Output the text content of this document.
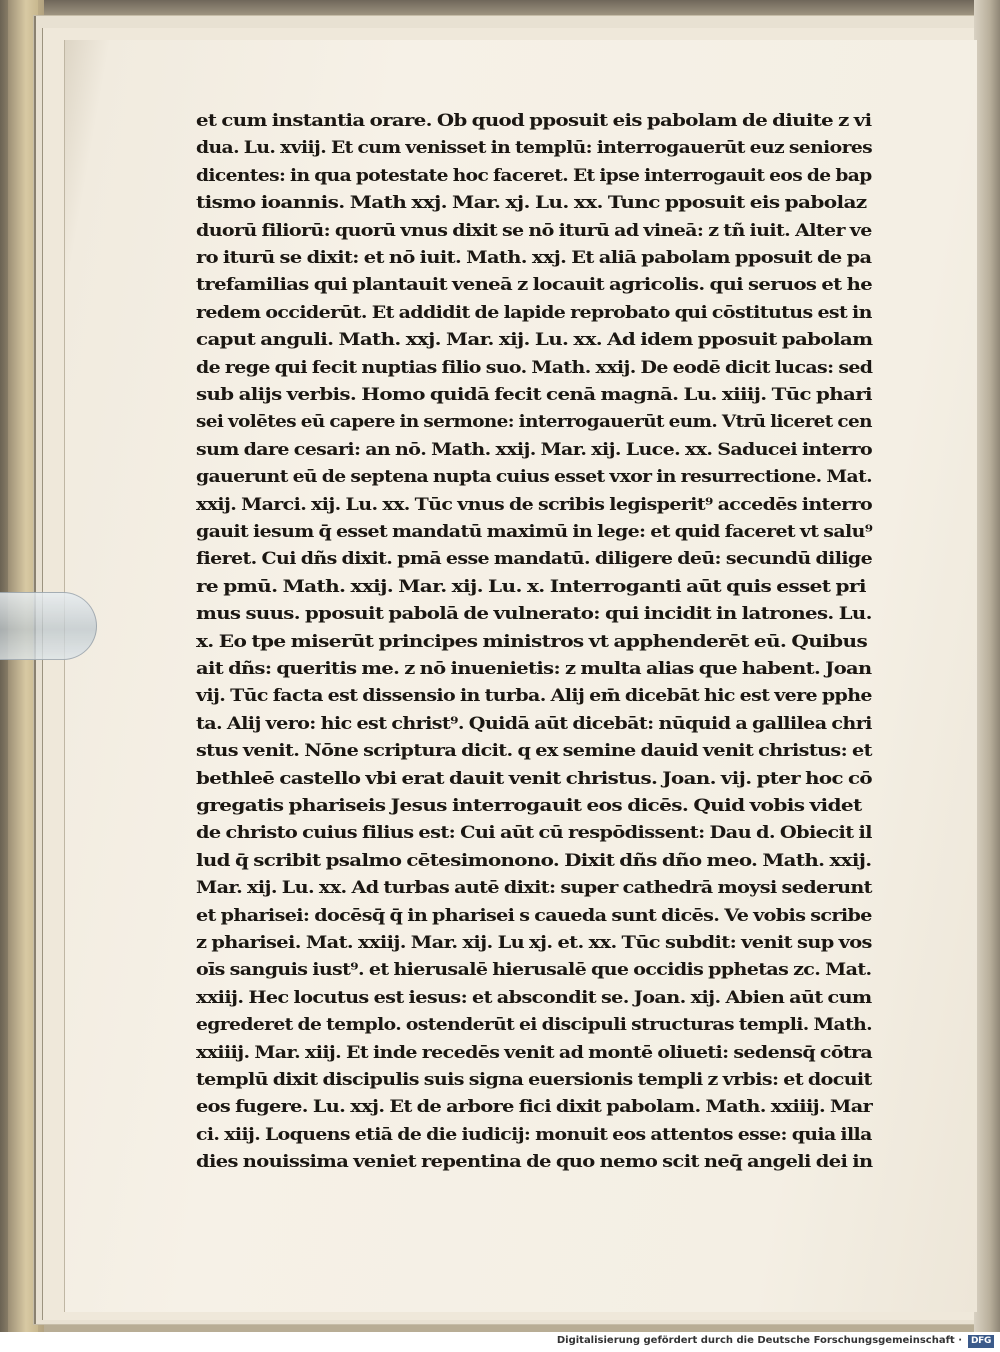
et cum instantia orare. Ob quod pposuit eis pabolam de diuite z vi
dua. Lu. xviij. Et cum venisset in templū: interrogauerūt euz seniores
dicentes: in qua potestate hoc faceret. Et ipse interrogauit eos de bap
tismo ioannis. Math xxj. Mar. xj. Lu. xx. Tunc pposuit eis pabolaz
duorū filiorū: quorū vnus dixit se nō iturū ad vineā: z tñ iuit. Alter ve
ro iturū se dixit: et nō iuit. Math. xxj. Et aliā pabolam pposuit de pa
trefamilias qui plantauit veneā z locauit agricolis. qui seruos et he
redem occiderūt. Et addidit de lapide reprobato qui cōstitutus est in
caput anguli. Math. xxj. Mar. xij. Lu. xx. Ad idem pposuit pabolam
de rege qui fecit nuptias filio suo. Math. xxij. De eodē dicit lucas: sed
sub alijs verbis. Homo quidā fecit cenā magnā. Lu. xiiij. Tūc phari
sei volētes eū capere in sermone: interrogauerūt eum. Vtrū liceret cen
sum dare cesari: an nō. Math. xxij. Mar. xij. Luce. xx. Saducei interro
gauerunt eū de septena nupta cuius esset vxor in resurrectione. Mat.
xxij. Marci. xij. Lu. xx. Tūc vnus de scribis legisperit⁹ accedēs interro
gauit iesum q̄ esset mandatū maximū in lege: et quid faceret vt salu⁹
fieret. Cui dñs dixit. pmā esse mandatū. diligere deū: secundū dilige
re pmū. Math. xxij. Mar. xij. Lu. x. Interroganti aūt quis esset pri
mus suus. pposuit pabolā de vulnerato: qui incidit in latrones. Lu.
x. Eo tpe miserūt principes ministros vt apphenderēt eū. Quibus
ait dñs: queritis me. z nō inuenietis: z multa alias que habent. Joan
vij. Tūc facta est dissensio in turba. Alij em̄ dicebāt hic est vere pphe
ta. Alij vero: hic est christ⁹. Quidā aūt dicebāt: nūquid a gallilea chri
stus venit. Nōne scriptura dicit. q ex semine dauid venit christus: et
bethleē castello vbi erat dauit venit christus. Joan. vij. pter hoc cō
gregatis phariseis Jesus interrogauit eos dicēs. Quid vobis videt
de christo cuius filius est: Cui aūt cū respōdissent: Dau d. Obiecit il
lud q̄ scribit psalmo cētesimonono. Dixit dñs dño meo. Math. xxij.
Mar. xij. Lu. xx. Ad turbas autē dixit: super cathedrā moysi sederunt
et pharisei: docēsq̄ q̄ in pharisei s caueda sunt dicēs. Ve vobis scribe
z pharisei. Mat. xxiij. Mar. xij. Lu xj. et. xx. Tūc subdit: venit sup vos
oīs sanguis iust⁹. et hierusalē hierusalē que occidis pphetas zc. Mat.
xxiij. Hec locutus est iesus: et abscondit se. Joan. xij. Abien aūt cum
egrederet de templo. ostenderūt ei discipuli structuras templi. Math.
xxiiij. Mar. xiij. Et inde recedēs venit ad montē oliueti: sedensq̄ cōtra
templū dixit discipulis suis signa euersionis templi z vrbis: et docuit
eos fugere. Lu. xxj. Et de arbore fici dixit pabolam. Math. xxiiij. Mar
ci. xiij. Loquens etiā de die iudicij: monuit eos attentos esse: quia illa
dies nouissima veniet repentina de quo nemo scit neq̄ angeli dei in
Digitalisierung gefördert durch die Deutsche Forschungsgemeinschaft · DFG
